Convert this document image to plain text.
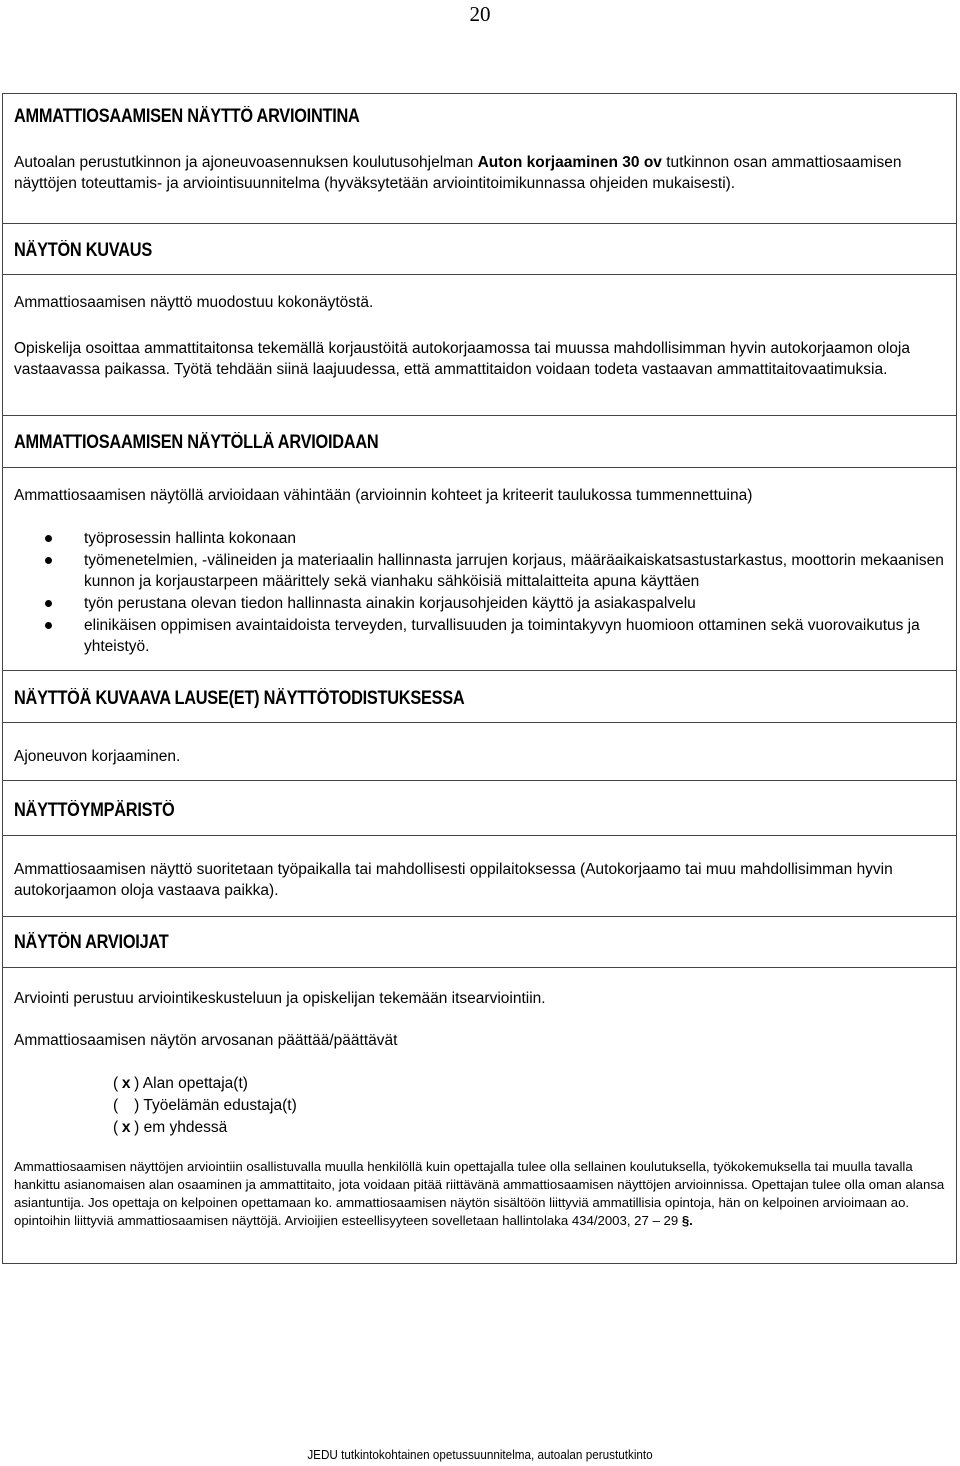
20
AMMATTIOSAAMISEN NÄYTTÖ ARVIOINTINA
Autoalan perustutkinnon ja ajoneuvoasennuksen koulutusohjelman Auton korjaaminen 30 ov tutkinnon osan ammattiosaamisen näyttöjen toteuttamis- ja arviointisuunnitelma (hyväksytetään arviointitoimikunnassa ohjeiden mukaisesti).
NÄYTÖN KUVAUS
Ammattiosaamisen näyttö muodostuu kokonäytöstä.
Opiskelija osoittaa ammattitaitonsa tekemällä korjaustöitä autokorjaamossa tai muussa mahdollisimman hyvin autokorjaamon oloja vastaavassa paikassa. Työtä tehdään siinä laajuudessa, että ammattitaidon voidaan todeta vastaavan ammattitaitovaatimuksia.
AMMATTIOSAAMISEN NÄYTÖLLÄ ARVIOIDAAN
Ammattiosaamisen näytöllä arvioidaan vähintään (arvioinnin kohteet ja kriteerit taulukossa tummennettuina)
työprosessin hallinta kokonaan
työmenetelmien, -välineiden ja materiaalin hallinnasta jarrujen korjaus, määräaikaiskatsastustarkastus, moottorin mekaanisen kunnon ja korjaustarpeen määrittely sekä vianhaku sähköisiä mittalaitteita apuna käyttäen
työn perustana olevan tiedon hallinnasta ainakin korjausohjeiden käyttö ja asiakaspalvelu
elinikäisen oppimisen avaintaidoista terveyden, turvallisuuden ja toimintakyvyn huomioon ottaminen sekä vuorovaikutus ja yhteistyö.
NÄYTTÖÄ KUVAAVA LAUSE(ET) NÄYTTÖTODISTUKSESSA
Ajoneuvon korjaaminen.
NÄYTTÖYMPÄRISTÖ
Ammattiosaamisen näyttö suoritetaan työpaikalla tai mahdollisesti oppilaitoksessa (Autokorjaamo tai muu mahdollisimman hyvin autokorjaamon oloja vastaava paikka).
NÄYTÖN ARVIOIJAT
Arviointi perustuu arviointikeskusteluun ja opiskelijan tekemään itsearviointiin.
Ammattiosaamisen näytön arvosanan päättää/päättävät
( x ) Alan opettaja(t)
( ) Työelämän edustaja(t)
( x ) em yhdessä
Ammattiosaamisen näyttöjen arviointiin osallistuvalla muulla henkilöllä kuin opettajalla tulee olla sellainen koulutuksella, työkokemuksella tai muulla tavalla hankittu asianomaisen alan osaaminen ja ammattitaito, jota voidaan pitää riittävänä ammattiosaamisen näyttöjen arvioinnissa. Opettajan tulee olla oman alansa asiantuntija. Jos opettaja on kelpoinen opettamaan ko. ammattiosaamisen näytön sisältöön liittyviä ammatillisia opintoja, hän on kelpoinen arvioimaan ao. opintoihin liittyviä ammattiosaamisen näyttöjä. Arvioijien esteellisyyteen sovelletaan hallintolaka 434/2003, 27 – 29 §.
JEDU tutkintokohtainen opetussuunnitelma, autoalan perustutkinto
